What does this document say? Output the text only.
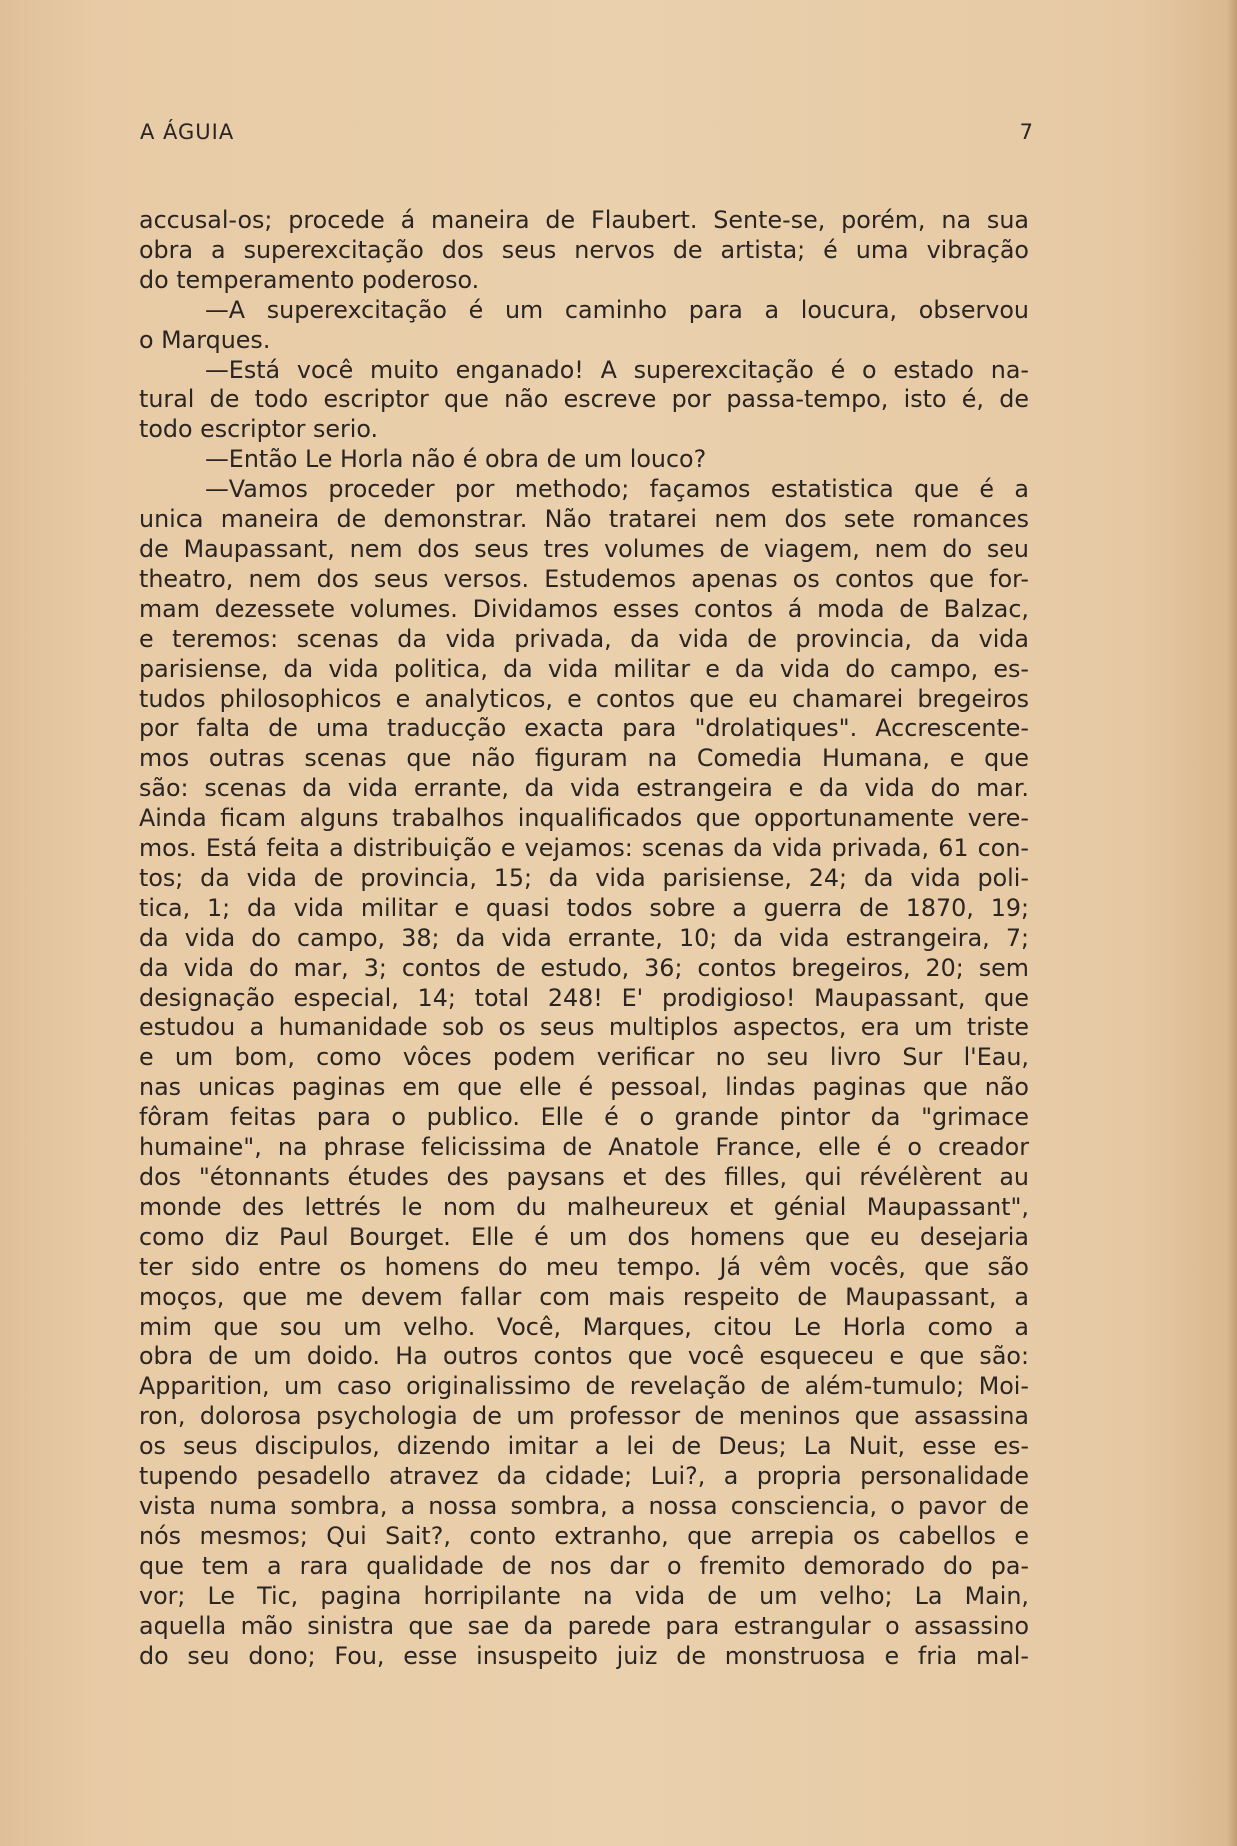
A ÁGUIA	7
accusal-os; procede á maneira de Flaubert. Sente-se, porém, na sua
obra a superexcitação dos seus nervos de artista; é uma vibração
do temperamento poderoso.
—A superexcitação é um caminho para a loucura, observou
o Marques.
—Está você muito enganado! A superexcitação é o estado na-
tural de todo escriptor que não escreve por passa-tempo, isto é, de
todo escriptor serio.
—Então Le Horla não é obra de um louco?
—Vamos proceder por methodo; façamos estatistica que é a
unica maneira de demonstrar. Não tratarei nem dos sete romances
de Maupassant, nem dos seus tres volumes de viagem, nem do seu
theatro, nem dos seus versos. Estudemos apenas os contos que for-
mam dezessete volumes. Dividamos esses contos á moda de Balzac,
e teremos: scenas da vida privada, da vida de provincia, da vida
parisiense, da vida politica, da vida militar e da vida do campo, es-
tudos philosophicos e analyticos, e contos que eu chamarei bregeiros
por falta de uma traducção exacta para "drolatiques". Accrescente-
mos outras scenas que não figuram na Comedia Humana, e que
são: scenas da vida errante, da vida estrangeira e da vida do mar.
Ainda ficam alguns trabalhos inqualificados que opportunamente vere-
mos. Está feita a distribuição e vejamos: scenas da vida privada, 61 con-
tos; da vida de provincia, 15; da vida parisiense, 24; da vida poli-
tica, 1; da vida militar e quasi todos sobre a guerra de 1870, 19;
da vida do campo, 38; da vida errante, 10; da vida estrangeira, 7;
da vida do mar, 3; contos de estudo, 36; contos bregeiros, 20; sem
designação especial, 14; total 248! E' prodigioso! Maupassant, que
estudou a humanidade sob os seus multiplos aspectos, era um triste
e um bom, como vôces podem verificar no seu livro Sur l'Eau,
nas unicas paginas em que elle é pessoal, lindas paginas que não
fôram feitas para o publico. Elle é o grande pintor da "grimace
humaine", na phrase felicissima de Anatole France, elle é o creador
dos "étonnants études des paysans et des filles, qui révélèrent au
monde des lettrés le nom du malheureux et génial Maupassant",
como diz Paul Bourget. Elle é um dos homens que eu desejaria
ter sido entre os homens do meu tempo. Já vêm vocês, que são
moços, que me devem fallar com mais respeito de Maupassant, a
mim que sou um velho. Você, Marques, citou Le Horla como a
obra de um doido. Ha outros contos que você esqueceu e que são:
Apparition, um caso originalissimo de revelação de além-tumulo; Moi-
ron, dolorosa psychologia de um professor de meninos que assassina
os seus discipulos, dizendo imitar a lei de Deus; La Nuit, esse es-
tupendo pesadello atravez da cidade; Lui?, a propria personalidade
vista numa sombra, a nossa sombra, a nossa consciencia, o pavor de
nós mesmos; Qui Sait?, conto extranho, que arrepia os cabellos e
que tem a rara qualidade de nos dar o fremito demorado do pa-
vor; Le Tic, pagina horripilante na vida de um velho; La Main,
aquella mão sinistra que sae da parede para estrangular o assassino
do seu dono; Fou, esse insuspeito juiz de monstruosa e fria mal-
